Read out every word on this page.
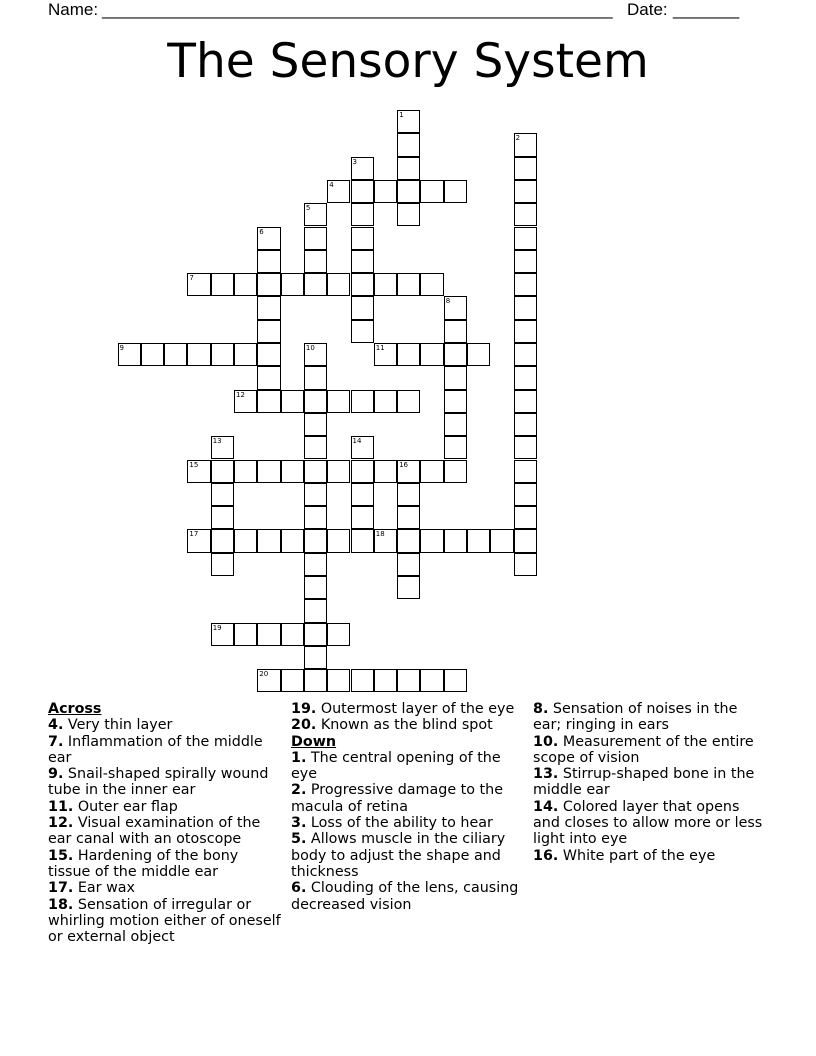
Name: ______________________________________________________ Date: _______
The Sensory System
1
2
3
4
5
6
7
8
9	10	11
12
13	14
15	16
17	18
19
20
Across
4. Very thin layer
7. Inflammation of the middle ear
9. Snail-shaped spirally wound tube in the inner ear
11. Outer ear flap
12. Visual examination of the ear canal with an otoscope
15. Hardening of the bony tissue of the middle ear
17. Ear wax
18. Sensation of irregular or whirling motion either of oneself or external object
19. Outermost layer of the eye
20. Known as the blind spot
Down
1. The central opening of the eye
2. Progressive damage to the macula of retina
3. Loss of the ability to hear
5. Allows muscle in the ciliary body to adjust the shape and thickness
6. Clouding of the lens, causing decreased vision
8. Sensation of noises in the ear; ringing in ears
10. Measurement of the entire scope of vision
13. Stirrup-shaped bone in the middle ear
14. Colored layer that opens and closes to allow more or less light into eye
16. White part of the eye
